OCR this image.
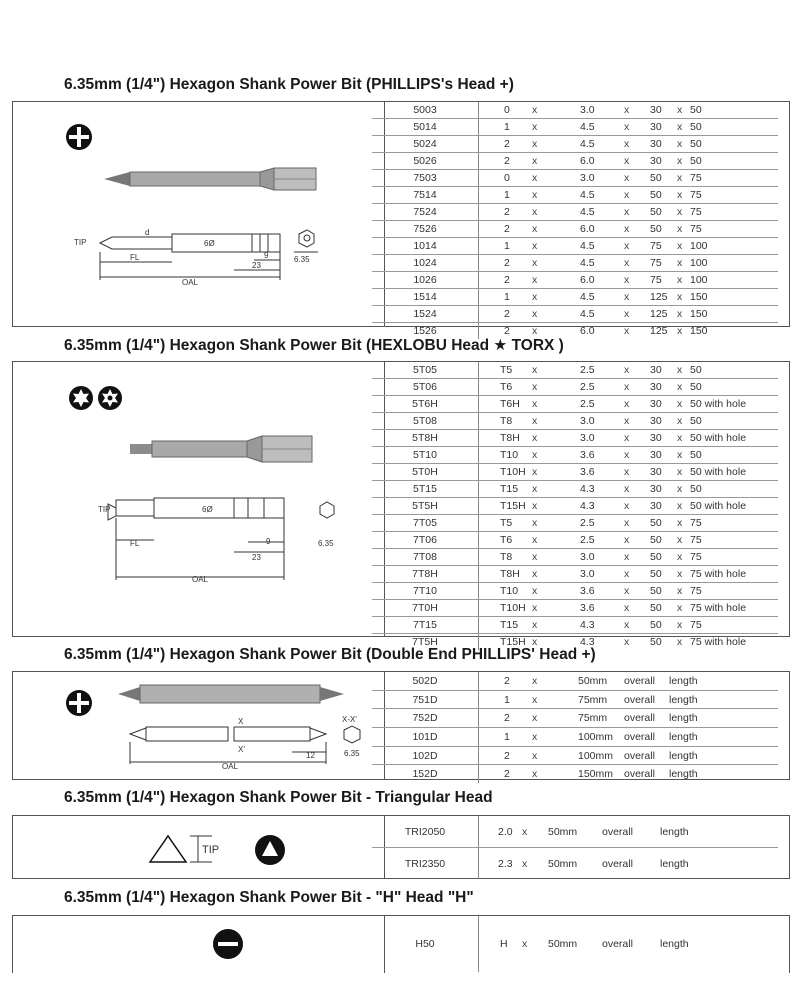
6.35mm (1/4") Hexagon Shank Power Bit (PHILLIPS's Head +)
TIP
d
FL
OAL
6Ø
9
23
6.35
5003	0 x	3.0	x 30 x 50
5014	1 x	4.5	x 30 x 50
5024	2 x	4.5	x 30 x 50
5026	2 x	6.0	x 30 x 50
7503	0 x	3.0	x 50 x 75
7514	1 x	4.5	x 50 x 75
7524	2 x	4.5	x 50 x 75
7526	2 x	6.0	x 50 x 75
1014	1 x	4.5	x 75 x 100
1024	2 x	4.5	x 75 x 100
1026	2 x	6.0	x 75 x 100
1514	1 x	4.5	x 125 x 150
1524	2 x	4.5	x 125 x 150
1526	2 x	6.0	x 125 x 150
6.35mm (1/4") Hexagon Shank Power Bit (HEXLOBU Head ★ TORX )
TIP
FL
OAL
6Ø
9
23
6.35
5T05	T5 x	2.5	x 30 x 50
5T06	T6 x	2.5	x 30 x 50
5T6H	T6H x	2.5	x 30 x 50 with hole
5T08	T8 x	3.0	x 30 x 50
5T8H	T8H x	3.0	x 30 x 50 with hole
5T10	T10 x	3.6	x 30 x 50
5T0H	T10H x	3.6	x 30 x 50 with hole
5T15	T15 x	4.3	x 30 x 50
5T5H	T15H x	4.3	x 30 x 50 with hole
7T05	T5 x	2.5	x 50 x 75
7T06	T6 x	2.5	x 50 x 75
7T08	T8 x	3.0	x 50 x 75
7T8H	T8H x	3.0	x 50 x 75 with hole
7T10	T10 x	3.6	x 50 x 75
7T0H	T10H x	3.6	x 50 x 75 with hole
7T15	T15 x	4.3	x 50 x 75
7T5H	T15H x	4.3	x 50 x 75 with hole
6.35mm (1/4") Hexagon Shank Power Bit (Double End PHILLIPS' Head +)
X
X'
X-X'
OAL
12	6.35
502D	2 x	50mm overall length
751D	1 x	75mm overall length
752D	2 x	75mm overall length
101D	1 x	100mm overall length
102D	2 x	100mm overall length
152D	2 x	150mm overall length
6.35mm (1/4") Hexagon Shank Power Bit - Triangular Head
TIP
TRI2050	2.0 x 50mm overall	length
TRI2350	2.3 x 50mm overall	length
6.35mm (1/4") Hexagon Shank Power Bit - "H" Head "H"
H50	H x 50mm overall	length
